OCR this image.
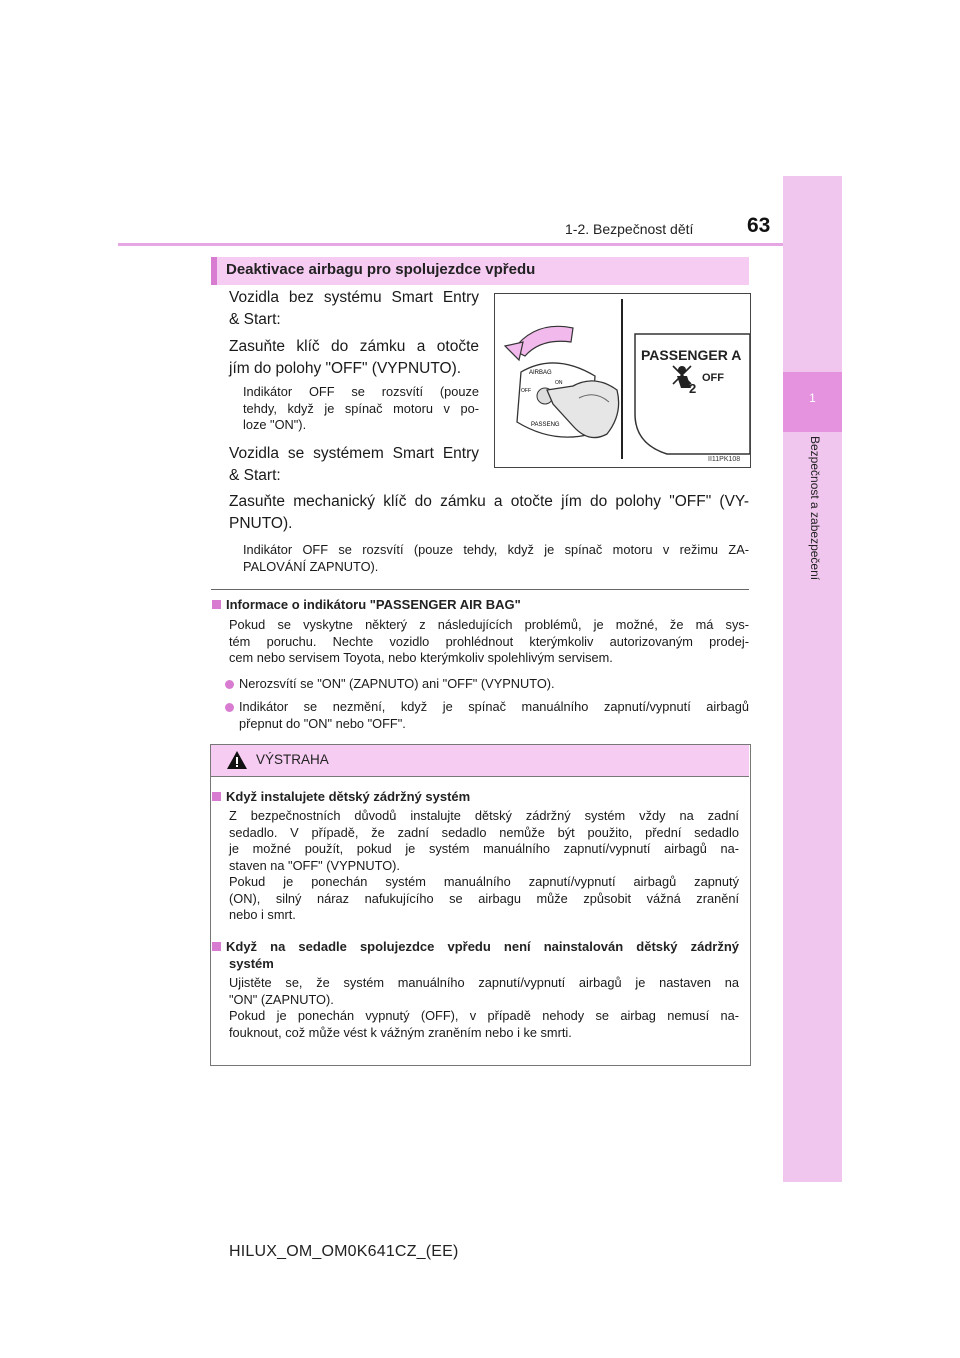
1-2. Bezpečnost dětí	63
1
Bezpečnost a zabezpečení
Deaktivace airbagu pro spolujezdce vpředu
Vozidla bez systému Smart Entry
& Start:
Zasuňte klíč do zámku a otočte
jím do polohy "OFF" (VYPNUTO).
Indikátor OFF se rozsvítí (pouze
tehdy, když je spínač motoru v po-
loze "ON").
Vozidla se systémem Smart Entry
& Start:
Zasuňte mechanický klíč do zámku a otočte jím do polohy "OFF" (VY-
PNUTO).
Indikátor OFF se rozsvítí (pouze tehdy, když je spínač motoru v režimu ZA-
PALOVÁNÍ ZAPNUTO).
AIRBAG
OFF
ON
PASSENG
PASSENGER A
2
OFF
II11PK108
Informace o indikátoru "PASSENGER AIR BAG"
Pokud se vyskytne některý z následujících problémů, je možné, že má sys-
tém poruchu. Nechte vozidlo prohlédnout kterýmkoliv autorizovaným prodej-
cem nebo servisem Toyota, nebo kterýmkoliv spolehlivým servisem.
Nerozsvítí se "ON" (ZAPNUTO) ani "OFF" (VYPNUTO).
Indikátor se nezmění, když je spínač manuálního zapnutí/vypnutí airbagů
přepnut do "ON" nebo "OFF".
VÝSTRAHA
Když instalujete dětský zádržný systém
Z bezpečnostních důvodů instalujte dětský zádržný systém vždy na zadní
sedadlo. V případě, že zadní sedadlo nemůže být použito, přední sedadlo
je možné použít, pokud je systém manuálního zapnutí/vypnutí airbagů na-
staven na "OFF" (VYPNUTO).
Pokud je ponechán systém manuálního zapnutí/vypnutí airbagů zapnutý
(ON), silný náraz nafukujícího se airbagu může způsobit vážná zranění
nebo i smrt.
Když na sedadle spolujezdce vpředu není nainstalován dětský zádržný
systém
Ujistěte se, že systém manuálního zapnutí/vypnutí airbagů je nastaven na
"ON" (ZAPNUTO).
Pokud je ponechán vypnutý (OFF), v případě nehody se airbag nemusí na-
fouknout, což může vést k vážným zraněním nebo i ke smrti.
HILUX_OM_OM0K641CZ_(EE)
